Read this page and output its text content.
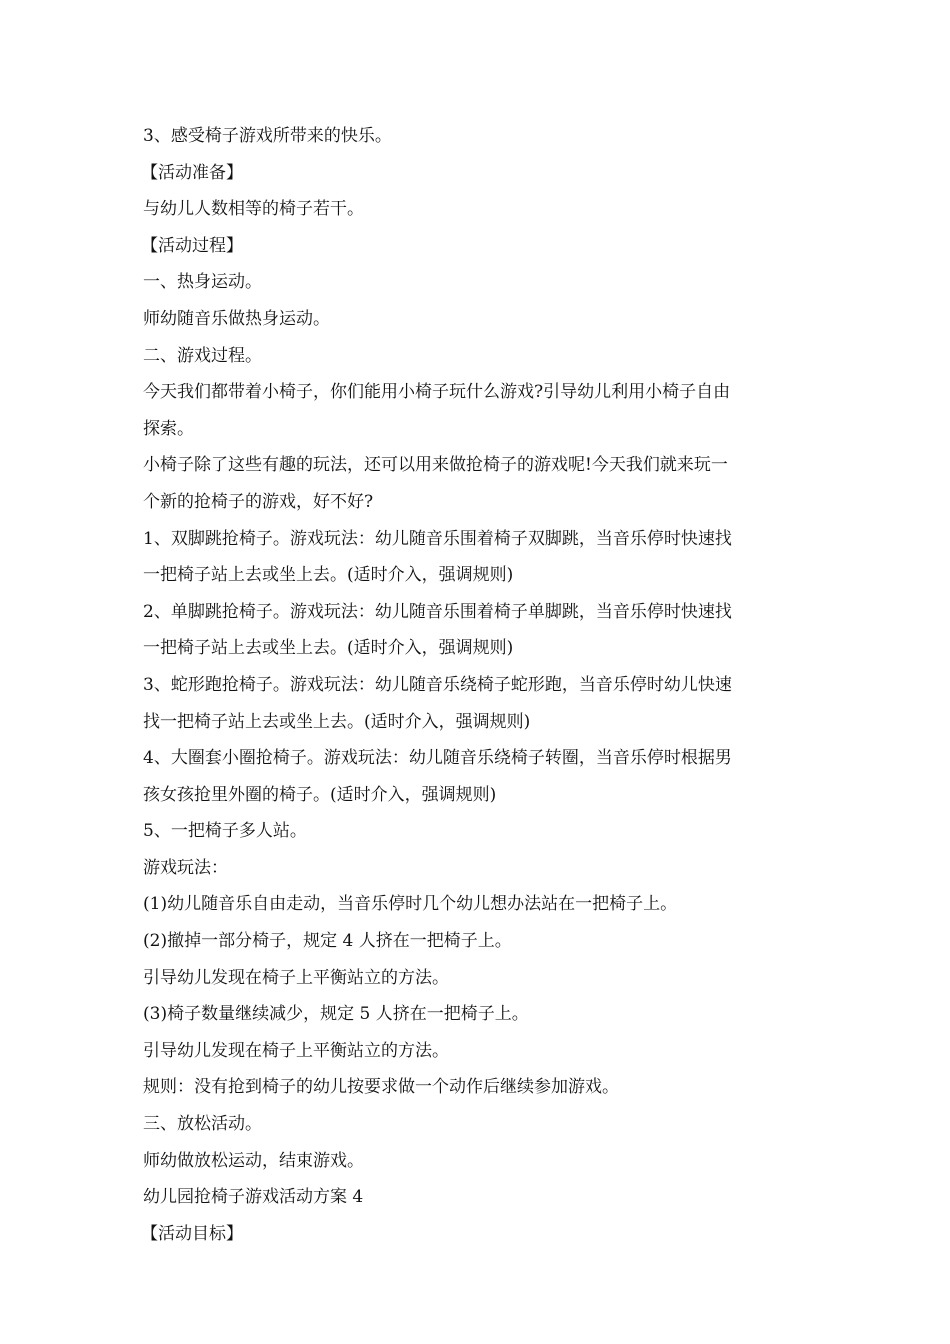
3、感受椅子游戏所带来的快乐。
【活动准备】
与幼儿人数相等的椅子若干。
【活动过程】
一、热身运动。
师幼随音乐做热身运动。
二、游戏过程。
今天我们都带着小椅子，你们能用小椅子玩什么游戏?引导幼儿利用小椅子自由
探索。
小椅子除了这些有趣的玩法，还可以用来做抢椅子的游戏呢!今天我们就来玩一
个新的抢椅子的游戏，好不好?
1、双脚跳抢椅子。游戏玩法：幼儿随音乐围着椅子双脚跳，当音乐停时快速找
一把椅子站上去或坐上去。(适时介入，强调规则)
2、单脚跳抢椅子。游戏玩法：幼儿随音乐围着椅子单脚跳，当音乐停时快速找
一把椅子站上去或坐上去。(适时介入，强调规则)
3、蛇形跑抢椅子。游戏玩法：幼儿随音乐绕椅子蛇形跑，当音乐停时幼儿快速
找一把椅子站上去或坐上去。(适时介入，强调规则)
4、大圈套小圈抢椅子。游戏玩法：幼儿随音乐绕椅子转圈，当音乐停时根据男
孩女孩抢里外圈的椅子。(适时介入，强调规则)
5、一把椅子多人站。
游戏玩法：
(1)幼儿随音乐自由走动，当音乐停时几个幼儿想办法站在一把椅子上。
(2)撤掉一部分椅子，规定 4 人挤在一把椅子上。
引导幼儿发现在椅子上平衡站立的方法。
(3)椅子数量继续减少，规定 5 人挤在一把椅子上。
引导幼儿发现在椅子上平衡站立的方法。
规则：没有抢到椅子的幼儿按要求做一个动作后继续参加游戏。
三、放松活动。
师幼做放松运动，结束游戏。
幼儿园抢椅子游戏活动方案 4
【活动目标】
